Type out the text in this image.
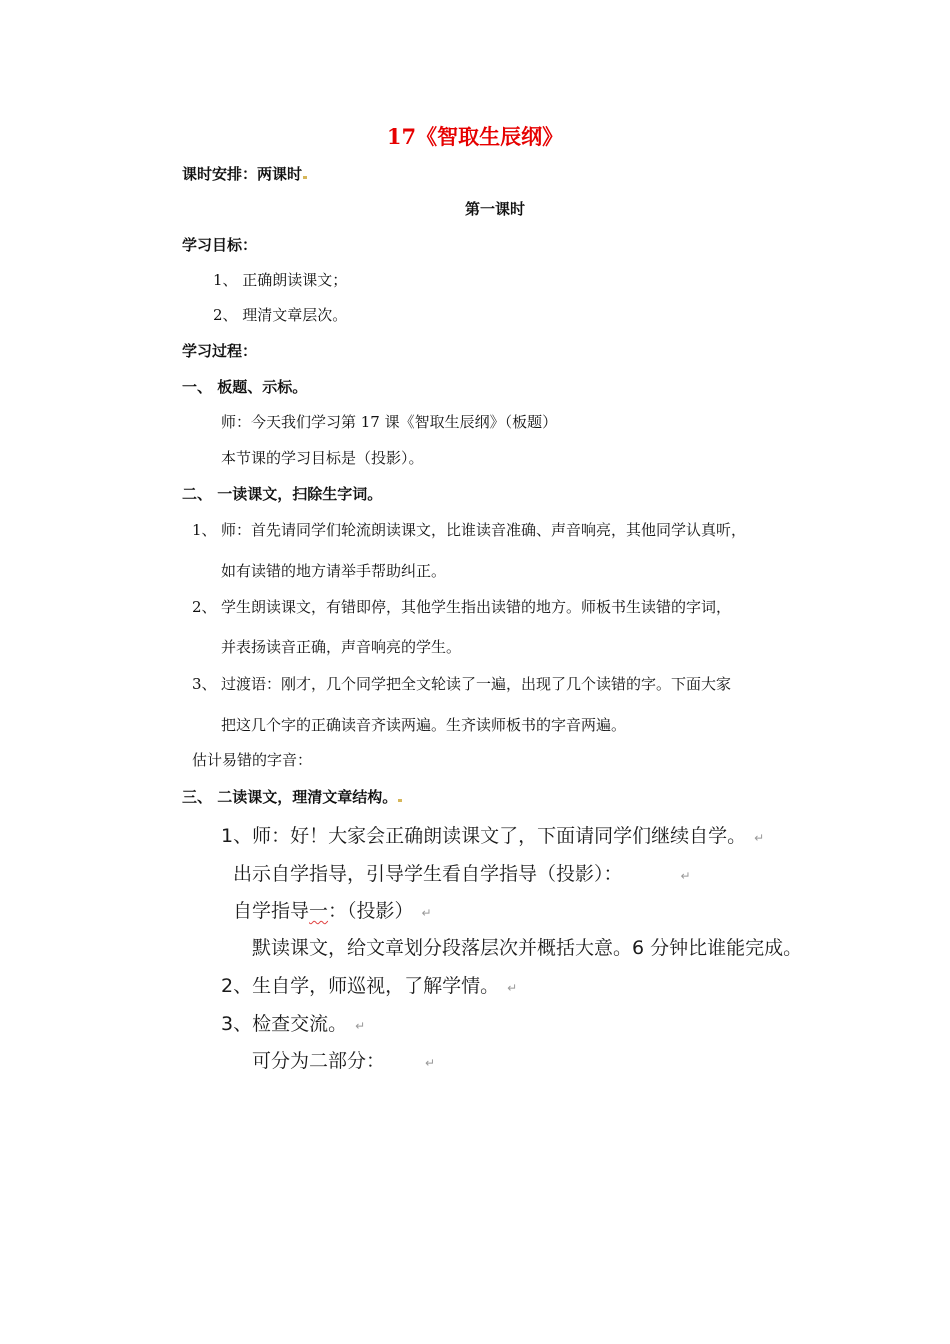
17《智取生辰纲》
课时安排：两课时
第一课时
学习目标：
1、 正确朗读课文；
2、 理清文章层次。
学习过程：
一、 板题、示标。
师：今天我们学习第 17 课《智取生辰纲》（板题）
本节课的学习目标是（投影）。
二、 一读课文，扫除生字词。
1、 师：首先请同学们轮流朗读课文，比谁读音准确、声音响亮，其他同学认真听，
如有读错的地方请举手帮助纠正。
2、 学生朗读课文，有错即停，其他学生指出读错的地方。师板书生读错的字词，
并表扬读音正确，声音响亮的学生。
3、 过渡语：刚才，几个同学把全文轮读了一遍，出现了几个读错的字。下面大家
把这几个字的正确读音齐读两遍。生齐读师板书的字音两遍。
估计易错的字音：
三、 二读课文，理清文章结构。
1、师：好！大家会正确朗读课文了，下面请同学们继续自学。 ↵
出示自学指导，引导学生看自学指导（投影）：	↵
自学指导一：（投影） ↵
默读课文，给文章划分段落层次并概括大意。6 分钟比谁能完成。
2、生自学，师巡视，了解学情。 ↵
3、检查交流。 ↵
可分为二部分：	↵
